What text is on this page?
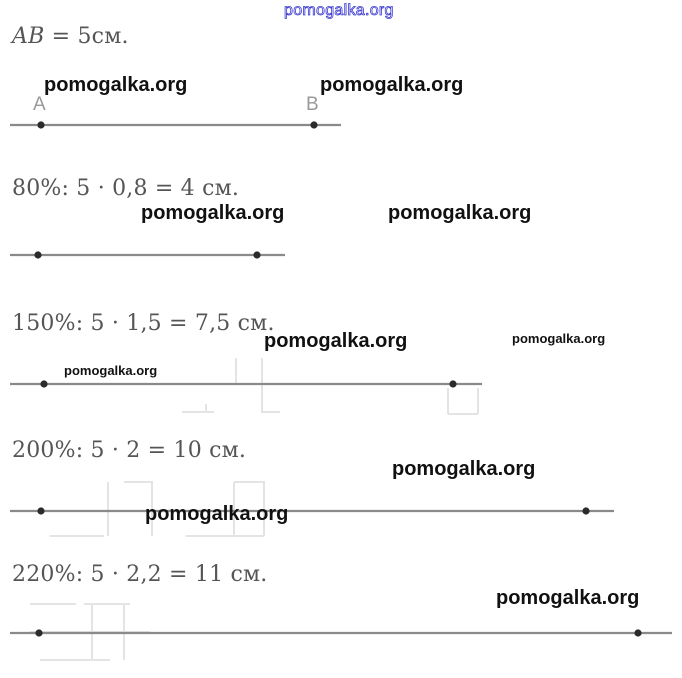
pomogalka.org
AB = 5см.
A	B
80%: 5 · 0,8 = 4 см.
150%: 5 · 1,5 = 7,5 см.
200%: 5 · 2 = 10 см.
220%: 5 · 2,2 = 11 см.
pomogalka.org	pomogalka.org
pomogalka.org	pomogalka.org
pomogalka.org	pomogalka.org
pomogalka.org
pomogalka.org
pomogalka.org
pomogalka.org
